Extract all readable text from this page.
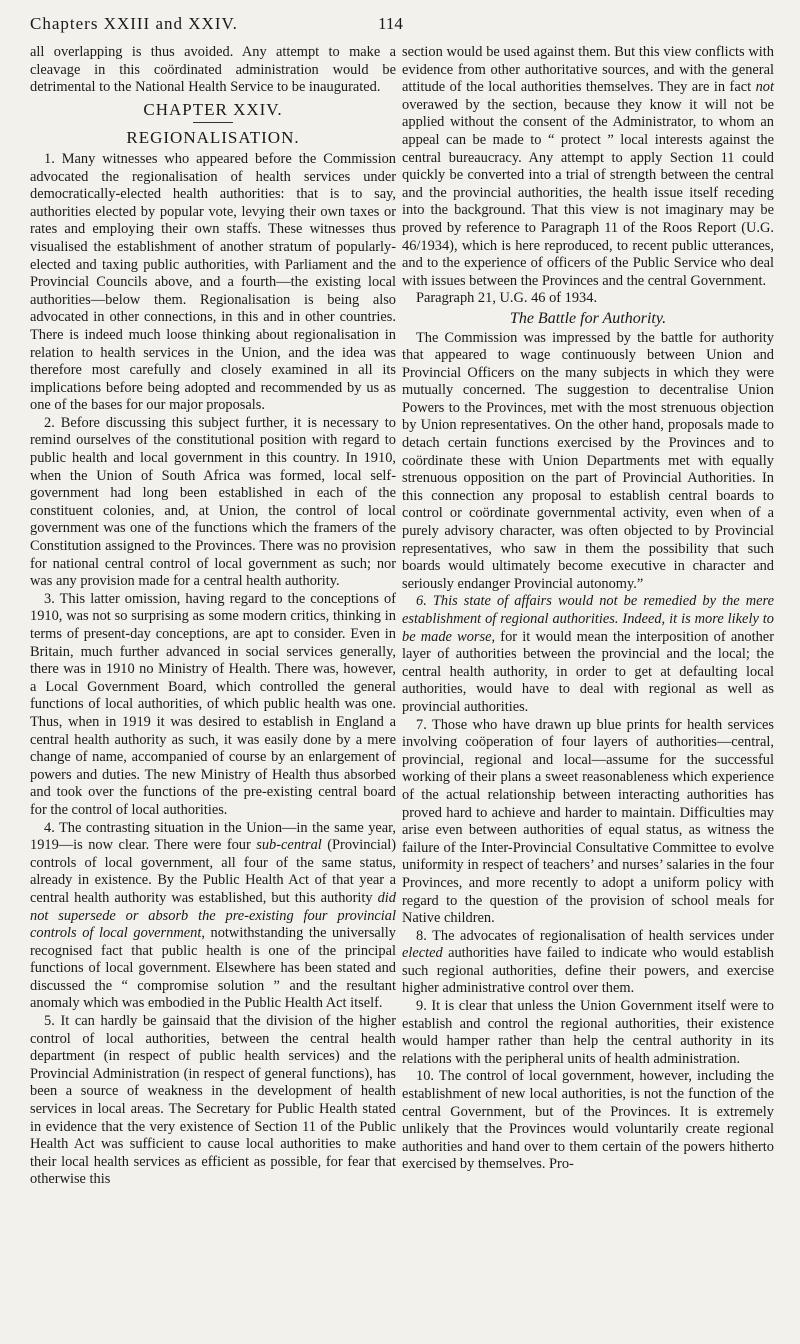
Chapters XXIII and XXIV.	114

all overlapping is thus avoided. Any attempt to make a cleavage in this coördinated administration would be detrimental to the National Health Service to be inaugurated.

CHAPTER XXIV.
REGIONALISATION.

1. Many witnesses who appeared before the Commission advocated the regionalisation of health services under democratically-elected health authorities: that is to say, authorities elected by popular vote, levying their own taxes or rates and employing their own staffs. These witnesses thus visualised the establishment of another stratum of popularly-elected and taxing public authorities, with Parliament and the Provincial Councils above, and a fourth—the existing local authorities—below them. Regionalisation is being also advocated in other connections, in this and in other countries. There is indeed much loose thinking about regionalisation in relation to health services in the Union, and the idea was therefore most carefully and closely examined in all its implications before being adopted and recommended by us as one of the bases for our major proposals.

2. Before discussing this subject further, it is necessary to remind ourselves of the constitutional position with regard to public health and local government in this country. In 1910, when the Union of South Africa was formed, local self-government had long been established in each of the constituent colonies, and, at Union, the control of local government was one of the functions which the framers of the Constitution assigned to the Provinces. There was no provision for national central control of local government as such; nor was any provision made for a central health authority.

3. This latter omission, having regard to the conceptions of 1910, was not so surprising as some modern critics, thinking in terms of present-day conceptions, are apt to consider. Even in Britain, much further advanced in social services generally, there was in 1910 no Ministry of Health. There was, however, a Local Government Board, which controlled the general functions of local authorities, of which public health was one. Thus, when in 1919 it was desired to establish in England a central health authority as such, it was easily done by a mere change of name, accompanied of course by an enlargement of powers and duties. The new Ministry of Health thus absorbed and took over the functions of the pre-existing central board for the control of local authorities.

4. The contrasting situation in the Union—in the same year, 1919—is now clear. There were four sub-central (Provincial) controls of local government, all four of the same status, already in existence. By the Public Health Act of that year a central health authority was established, but this authority did not supersede or absorb the pre-existing four provincial controls of local government, notwithstanding the universally recognised fact that public health is one of the principal functions of local government. Elsewhere has been stated and discussed the “ compromise solution ” and the resultant anomaly which was embodied in the Public Health Act itself.

5. It can hardly be gainsaid that the division of the higher control of local authorities, between the central health department (in respect of public health services) and the Provincial Administration (in respect of general functions), has been a source of weakness in the development of health services in local areas. The Secretary for Public Health stated in evidence that the very existence of Section 11 of the Public Health Act was sufficient to cause local authorities to make their local health services as efficient as possible, for fear that otherwise this

section would be used against them. But this view conflicts with evidence from other authoritative sources, and with the general attitude of the local authorities themselves. They are in fact not overawed by the section, because they know it will not be applied without the consent of the Administrator, to whom an appeal can be made to “ protect ” local interests against the central bureaucracy. Any attempt to apply Section 11 could quickly be converted into a trial of strength between the central and the provincial authorities, the health issue itself receding into the background. That this view is not imaginary may be proved by reference to Paragraph 11 of the Roos Report (U.G. 46/1934), which is here reproduced, to recent public utterances, and to the experience of officers of the Public Service who deal with issues between the Provinces and the central Government.

Paragraph 21, U.G. 46 of 1934.

The Battle for Authority.

The Commission was impressed by the battle for authority that appeared to wage continuously between Union and Provincial Officers on the many subjects in which they were mutually concerned. The suggestion to decentralise Union Powers to the Provinces, met with the most strenuous objection by Union representatives. On the other hand, proposals made to detach certain functions exercised by the Provinces and to coördinate these with Union Departments met with equally strenuous opposition on the part of Provincial Authorities. In this connection any proposal to establish central boards to control or coördinate governmental activity, even when of a purely advisory character, was often objected to by Provincial representatives, who saw in them the possibility that such boards would ultimately become executive in character and seriously endanger Provincial autonomy.”

6. This state of affairs would not be remedied by the mere establishment of regional authorities. Indeed, it is more likely to be made worse, for it would mean the interposition of another layer of authorities between the provincial and the local; the central health authority, in order to get at defaulting local authorities, would have to deal with regional as well as provincial authorities.

7. Those who have drawn up blue prints for health services involving coöperation of four layers of authorities—central, provincial, regional and local—assume for the successful working of their plans a sweet reasonableness which experience of the actual relationship between interacting authorities has proved hard to achieve and harder to maintain. Difficulties may arise even between authorities of equal status, as witness the failure of the Inter-Provincial Consultative Committee to evolve uniformity in respect of teachers’ and nurses’ salaries in the four Provinces, and more recently to adopt a uniform policy with regard to the question of the provision of school meals for Native children.

8. The advocates of regionalisation of health services under elected authorities have failed to indicate who would establish such regional authorities, define their powers, and exercise higher administrative control over them.

9. It is clear that unless the Union Government itself were to establish and control the regional authorities, their existence would hamper rather than help the central authority in its relations with the peripheral units of health administration.

10. The control of local government, however, including the establishment of new local authorities, is not the function of the central Government, but of the Provinces. It is extremely unlikely that the Provinces would voluntarily create regional authorities and hand over to them certain of the powers hitherto exercised by themselves. Pro-
